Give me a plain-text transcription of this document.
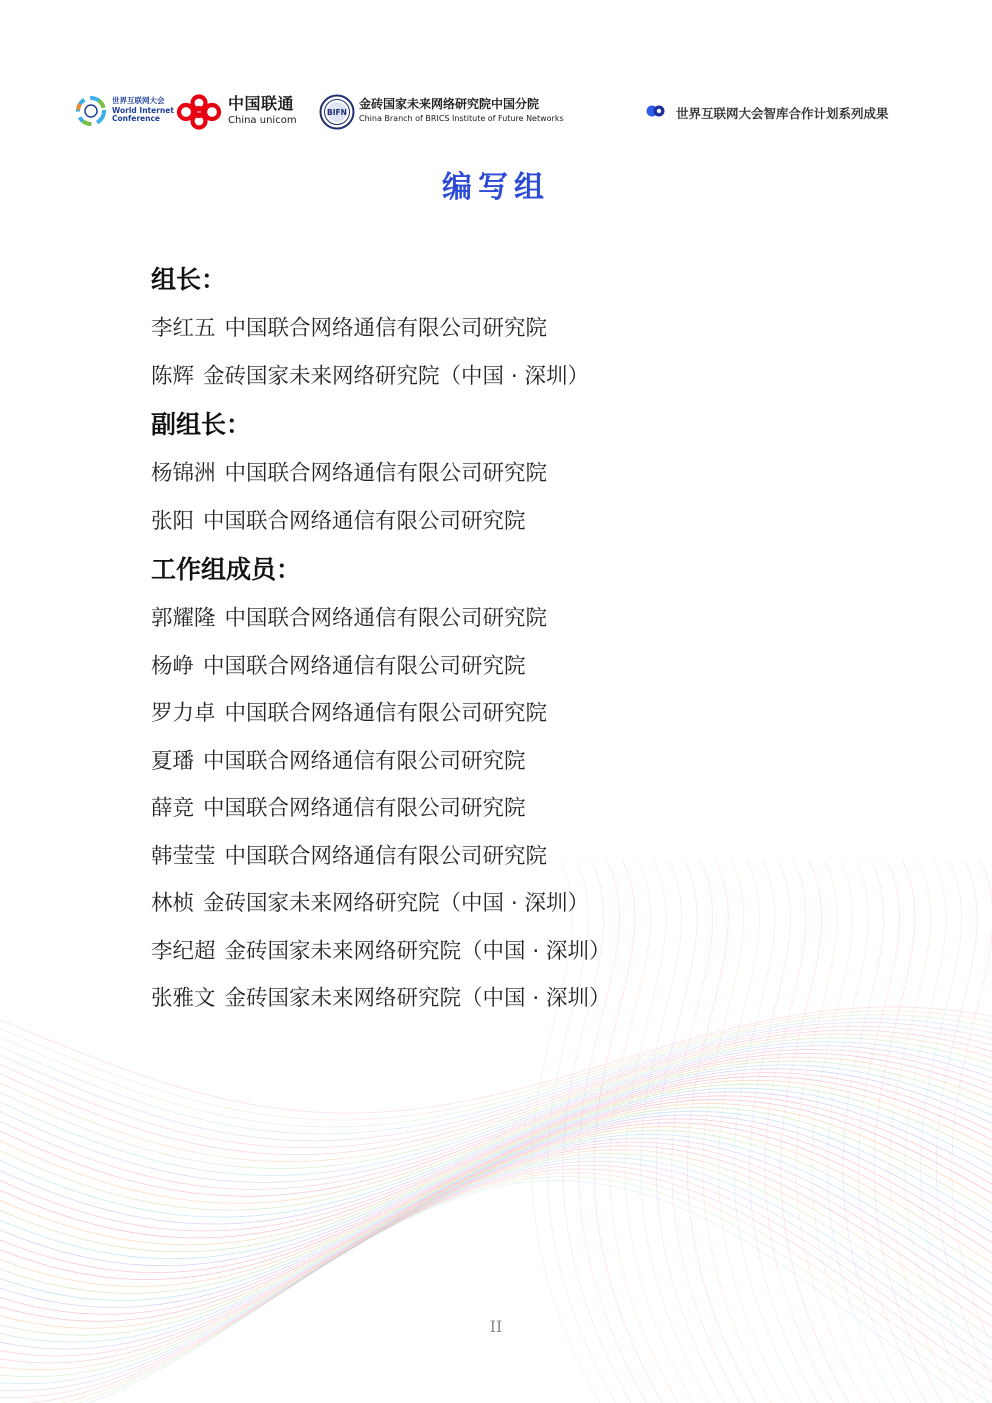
世界互联网大会
World Internet
Conference
中国联通
China unicom
BIFN
金砖国家未来网络研究院中国分院
China Branch of BRICS Institute of Future Networks	世界互联网大会智库合作计划系列成果
编写组
组长：
李红五 中国联合网络通信有限公司研究院
陈辉 金砖国家未来网络研究院（中国 · 深圳）
副组长：
杨锦洲 中国联合网络通信有限公司研究院
张阳 中国联合网络通信有限公司研究院
工作组成员：
郭耀隆 中国联合网络通信有限公司研究院
杨峥 中国联合网络通信有限公司研究院
罗力卓 中国联合网络通信有限公司研究院
夏璠 中国联合网络通信有限公司研究院
薛竞 中国联合网络通信有限公司研究院
韩莹莹 中国联合网络通信有限公司研究院
林桢 金砖国家未来网络研究院（中国 · 深圳）
李纪超 金砖国家未来网络研究院（中国 · 深圳）
张雅文 金砖国家未来网络研究院（中国 · 深圳）
II
